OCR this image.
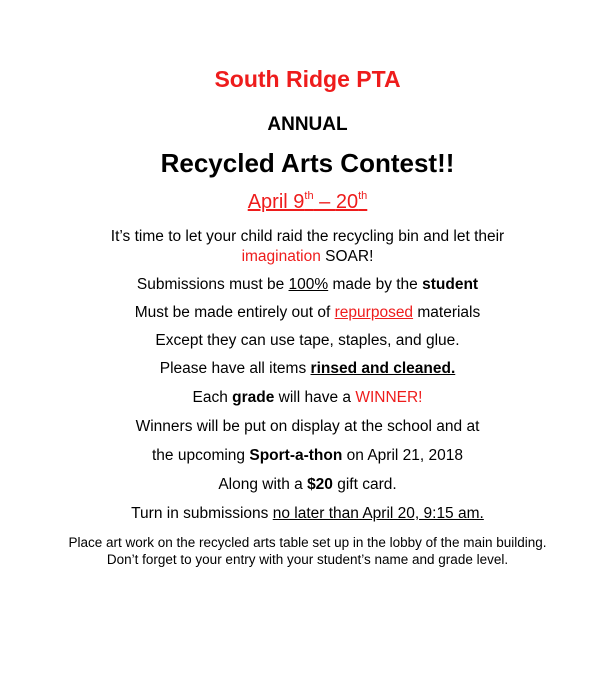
South Ridge PTA
ANNUAL
Recycled Arts Contest!!
April 9th – 20th
It’s time to let your child raid the recycling bin and let their
imagination SOAR!
Submissions must be 100% made by the student
Must be made entirely out of repurposed materials
Except they can use tape, staples, and glue.
Please have all items rinsed and cleaned.
Each grade will have a WINNER!
Winners will be put on display at the school and at
the upcoming Sport-a-thon on April 21, 2018
Along with a $20 gift card.
Turn in submissions no later than April 20, 9:15 am.
Place art work on the recycled arts table set up in the lobby of the main building. Don’t forget to your entry with your student’s name and grade level.
